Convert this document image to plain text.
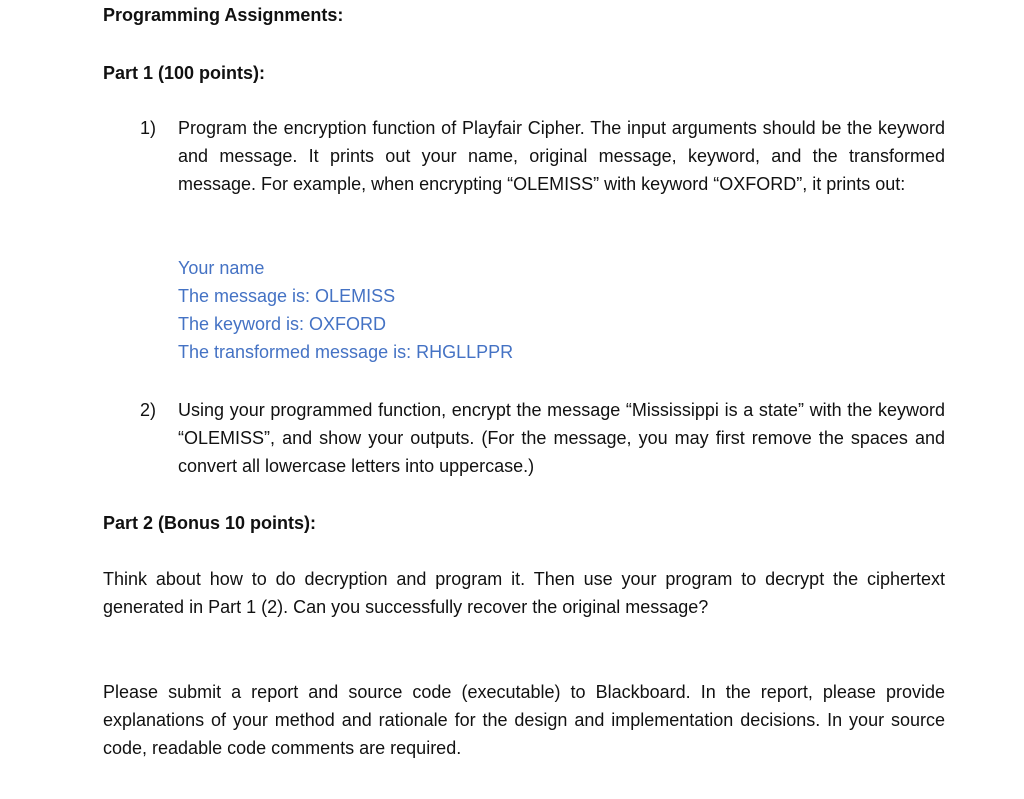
Programming Assignments:
Part 1 (100 points):
1) Program the encryption function of Playfair Cipher. The input arguments should be the keyword and message. It prints out your name, original message, keyword, and the transformed message. For example, when encrypting “OLEMISS” with keyword “OXFORD”, it prints out:
Your name
The message is: OLEMISS
The keyword is: OXFORD
The transformed message is: RHGLLPPR
2) Using your programmed function, encrypt the message “Mississippi is a state” with the keyword “OLEMISS”, and show your outputs. (For the message, you may first remove the spaces and convert all lowercase letters into uppercase.)
Part 2 (Bonus 10 points):
Think about how to do decryption and program it. Then use your program to decrypt the ciphertext generated in Part 1 (2). Can you successfully recover the original message?
Please submit a report and source code (executable) to Blackboard. In the report, please provide explanations of your method and rationale for the design and implementation decisions. In your source code, readable code comments are required.
